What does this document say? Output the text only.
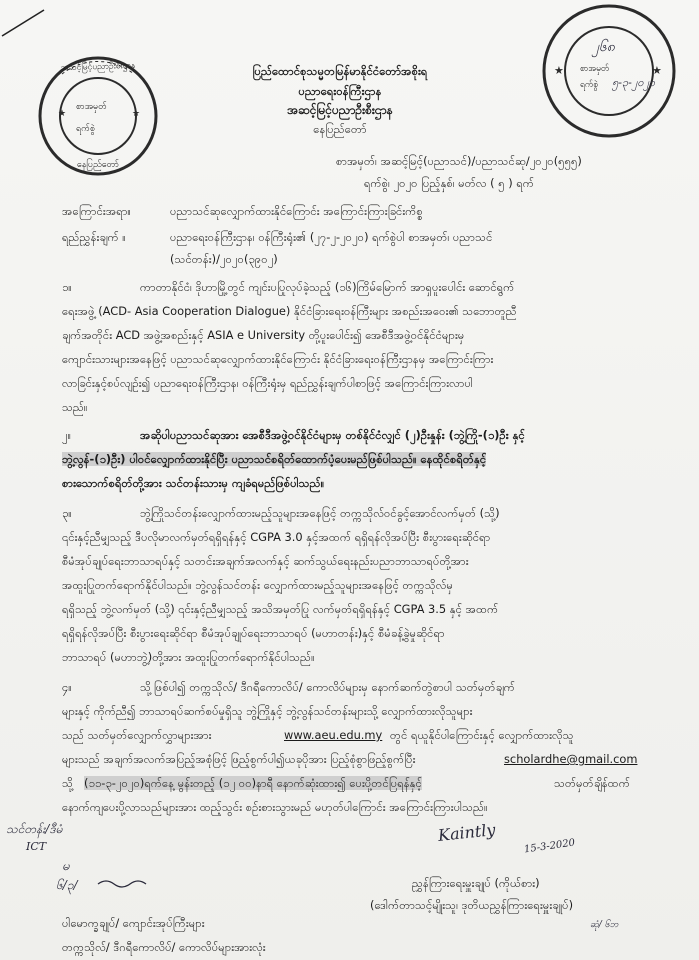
★	★
အဆင့်မြင့်ပညာဦးစီးဌာန
စာအမှတ်
ရက်စွဲ
နေပြည်တော်
★	★
၂၆၈
စာအမှတ်
ရက်စွဲ ၅-၃-၂၀၂၀
ပြည်ထောင်စုသမ္မတမြန်မာနိုင်ငံတော်အစိုးရ
ပညာရေးဝန်ကြီးဌာန
အဆင့်မြင့်ပညာဦးစီးဌာန
နေပြည်တော်
စာအမှတ်၊ အဆင့်မြင့်(ပညာသင်)/ပညာသင်ဆု/၂၀၂၀(၅၅၅)
ရက်စွဲ၊ ၂၀၂၀ ပြည့်နှစ်၊ မတ်လ ( ၅ ) ရက်
အကြောင်းအရာ။	ပညာသင်ဆုလျှောက်ထားနိုင်ကြောင်း အကြောင်းကြားခြင်းကိစ္စ
ရည်ညွှန်းချက် ။	ပညာရေးဝန်ကြီးဌာန၊ ဝန်ကြီးရုံး၏ (၂၇-၂-၂၀၂၀) ရက်စွဲပါ စာအမှတ်၊ ပညာသင်
(သင်တန်း)/၂၀၂၀(၃၉၀၂)
၁။	ကာတာနိုင်ငံ၊ ဒိုဟာမြို့တွင် ကျင်းပပြုလုပ်ခဲ့သည့် (၁၆)ကြိမ်မြောက် အာရှပူးပေါင်း ဆောင်ရွက်
ရေးအဖွဲ့ (ACD- Asia Cooperation Dialogue) နိုင်ငံခြားရေးဝန်ကြီးများ အစည်းအဝေး၏ သဘောတူညီ
ချက်အတိုင်း ACD အဖွဲ့အစည်းနှင့် ASIA e University တို့ပူးပေါင်း၍ အေစီဒီအဖွဲ့ဝင်နိုင်ငံများမှ
ကျောင်းသားများအနေဖြင့် ပညာသင်ဆုလျှောက်ထားနိုင်ကြောင်း နိုင်ငံခြားရေးဝန်ကြီးဌာနမှ အကြောင်းကြား
လာခြင်းနှင့်စပ်လျဉ်း၍ ပညာရေးဝန်ကြီးဌာန၊ ဝန်ကြီးရုံးမှ ရည်ညွှန်းချက်ပါစာဖြင့် အကြောင်းကြားလာပါ
သည်။
၂။	အဆိုပါပညာသင်ဆုအား အေစီဒီအဖွဲ့ဝင်နိုင်ငံများမှ တစ်နိုင်ငံလျှင် (၂)ဦးနှုန်း (ဘွဲ့ကြို-(၁)ဦး နှင့်
ဘွဲ့လွန်-(၁)ဦး) ပါဝင်လျှောက်ထားနိုင်ပြီး ပညာသင်စရိတ်ထောက်ပံ့ပေးမည်ဖြစ်ပါသည်။ နေထိုင်စရိတ်နှင့်
စားသောက်စရိတ်တို့အား သင်တန်းသားမှ ကျခံရမည်ဖြစ်ပါသည်။
၃။	ဘွဲ့ကြိုသင်တန်းလျှောက်ထားမည့်သူများအနေဖြင့် တက္ကသိုလ်ဝင်ခွင့်အောင်လက်မှတ် (သို့)
၎င်းနှင့်ညီမျှသည့် ဒီပလိုမာလက်မှတ်ရရှိရန်နှင့် CGPA 3.0 နှင့်အထက် ရရှိရန်လိုအပ်ပြီး စီးပွားရေးဆိုင်ရာ
စီမံအုပ်ချုပ်ရေးဘာသာရပ်နှင့် သတင်းအချက်အလက်နှင့် ဆက်သွယ်ရေးနည်းပညာဘာသာရပ်တို့အား
အထူးပြုတက်ရောက်နိုင်ပါသည်။ ဘွဲ့လွန်သင်တန်း လျှောက်ထားမည့်သူများအနေဖြင့် တက္ကသိုလ်မှ
ရရှိသည့် ဘွဲ့လက်မှတ် (သို့) ၎င်းနှင့်ညီမျှသည့် အသိအမှတ်ပြု လက်မှတ်ရရှိရန်နှင့် CGPA 3.5 နှင့် အထက်
ရရှိရန်လိုအပ်ပြီး စီးပွားရေးဆိုင်ရာ စီမံအုပ်ချုပ်ရေးဘာသာရပ် (မဟာတန်း)နှင့် စီမံခန့်ခွဲမှုဆိုင်ရာ
ဘာသာရပ် (မဟာဘွဲ့)တို့အား အထူးပြုတက်ရောက်နိုင်ပါသည်။
၄။	သို့ဖြစ်ပါ၍ တက္ကသိုလ်/ ဒီဂရီကောလိပ်/ ကောလိပ်များမှ နောက်ဆက်တွဲစာပါ သတ်မှတ်ချက်
များနှင့် ကိုက်ညီ၍ ဘာသာရပ်ဆက်စပ်မှုရှိသူ ဘွဲ့ကြိုနှင့် ဘွဲ့လွန်သင်တန်းများသို့ လျှောက်ထားလိုသူများ
သည် သတ်မှတ်လျှောက်လွှာများအား	www.aeu.edu.my တွင် ရယူနိုင်ပါကြောင်းနှင့် လျှောက်ထားလိုသူ
များသည် အချက်အလက်အပြည့်အစုံဖြင့် ဖြည့်စွက်ပါ၍ယခုပိုအား ပြည့်စုံစွာဖြည့်စွက်ပြီး	scholardhe@gmail.com
သို့ (၁၁-၃-၂၀၂၀)ရက်နေ့ မွန်းတည့် (၁၂ ၀၀)နာရီ နောက်ဆုံးထား၍ ပေးပို့တင်ပြရန်နှင့်	သတ်မှတ်ချိန်ထက်
နောက်ကျပေးပို့လာသည်များအား ထည့်သွင်း စဉ်းစားသွားမည် မဟုတ်ပါကြောင်း အကြောင်းကြားပါသည်။
Kaintly
15-3-2020
ညွှန်ကြားရေးမှူးချုပ် (ကိုယ်စား)
(ဒေါက်တာသင့်မျိုးသူ၊ ဒုတိယညွှန်ကြားရေးမှူးချုပ်)
သင်တန်း/ဒီမံ
ICT
မ
၆/၃/
ဆုံ/ ၆ဘ
ပါမောက္ခချုပ်/ ကျောင်းအုပ်ကြီးများ
တက္ကသိုလ်/ ဒီဂရီကောလိပ်/ ကောလိပ်များအားလုံး
